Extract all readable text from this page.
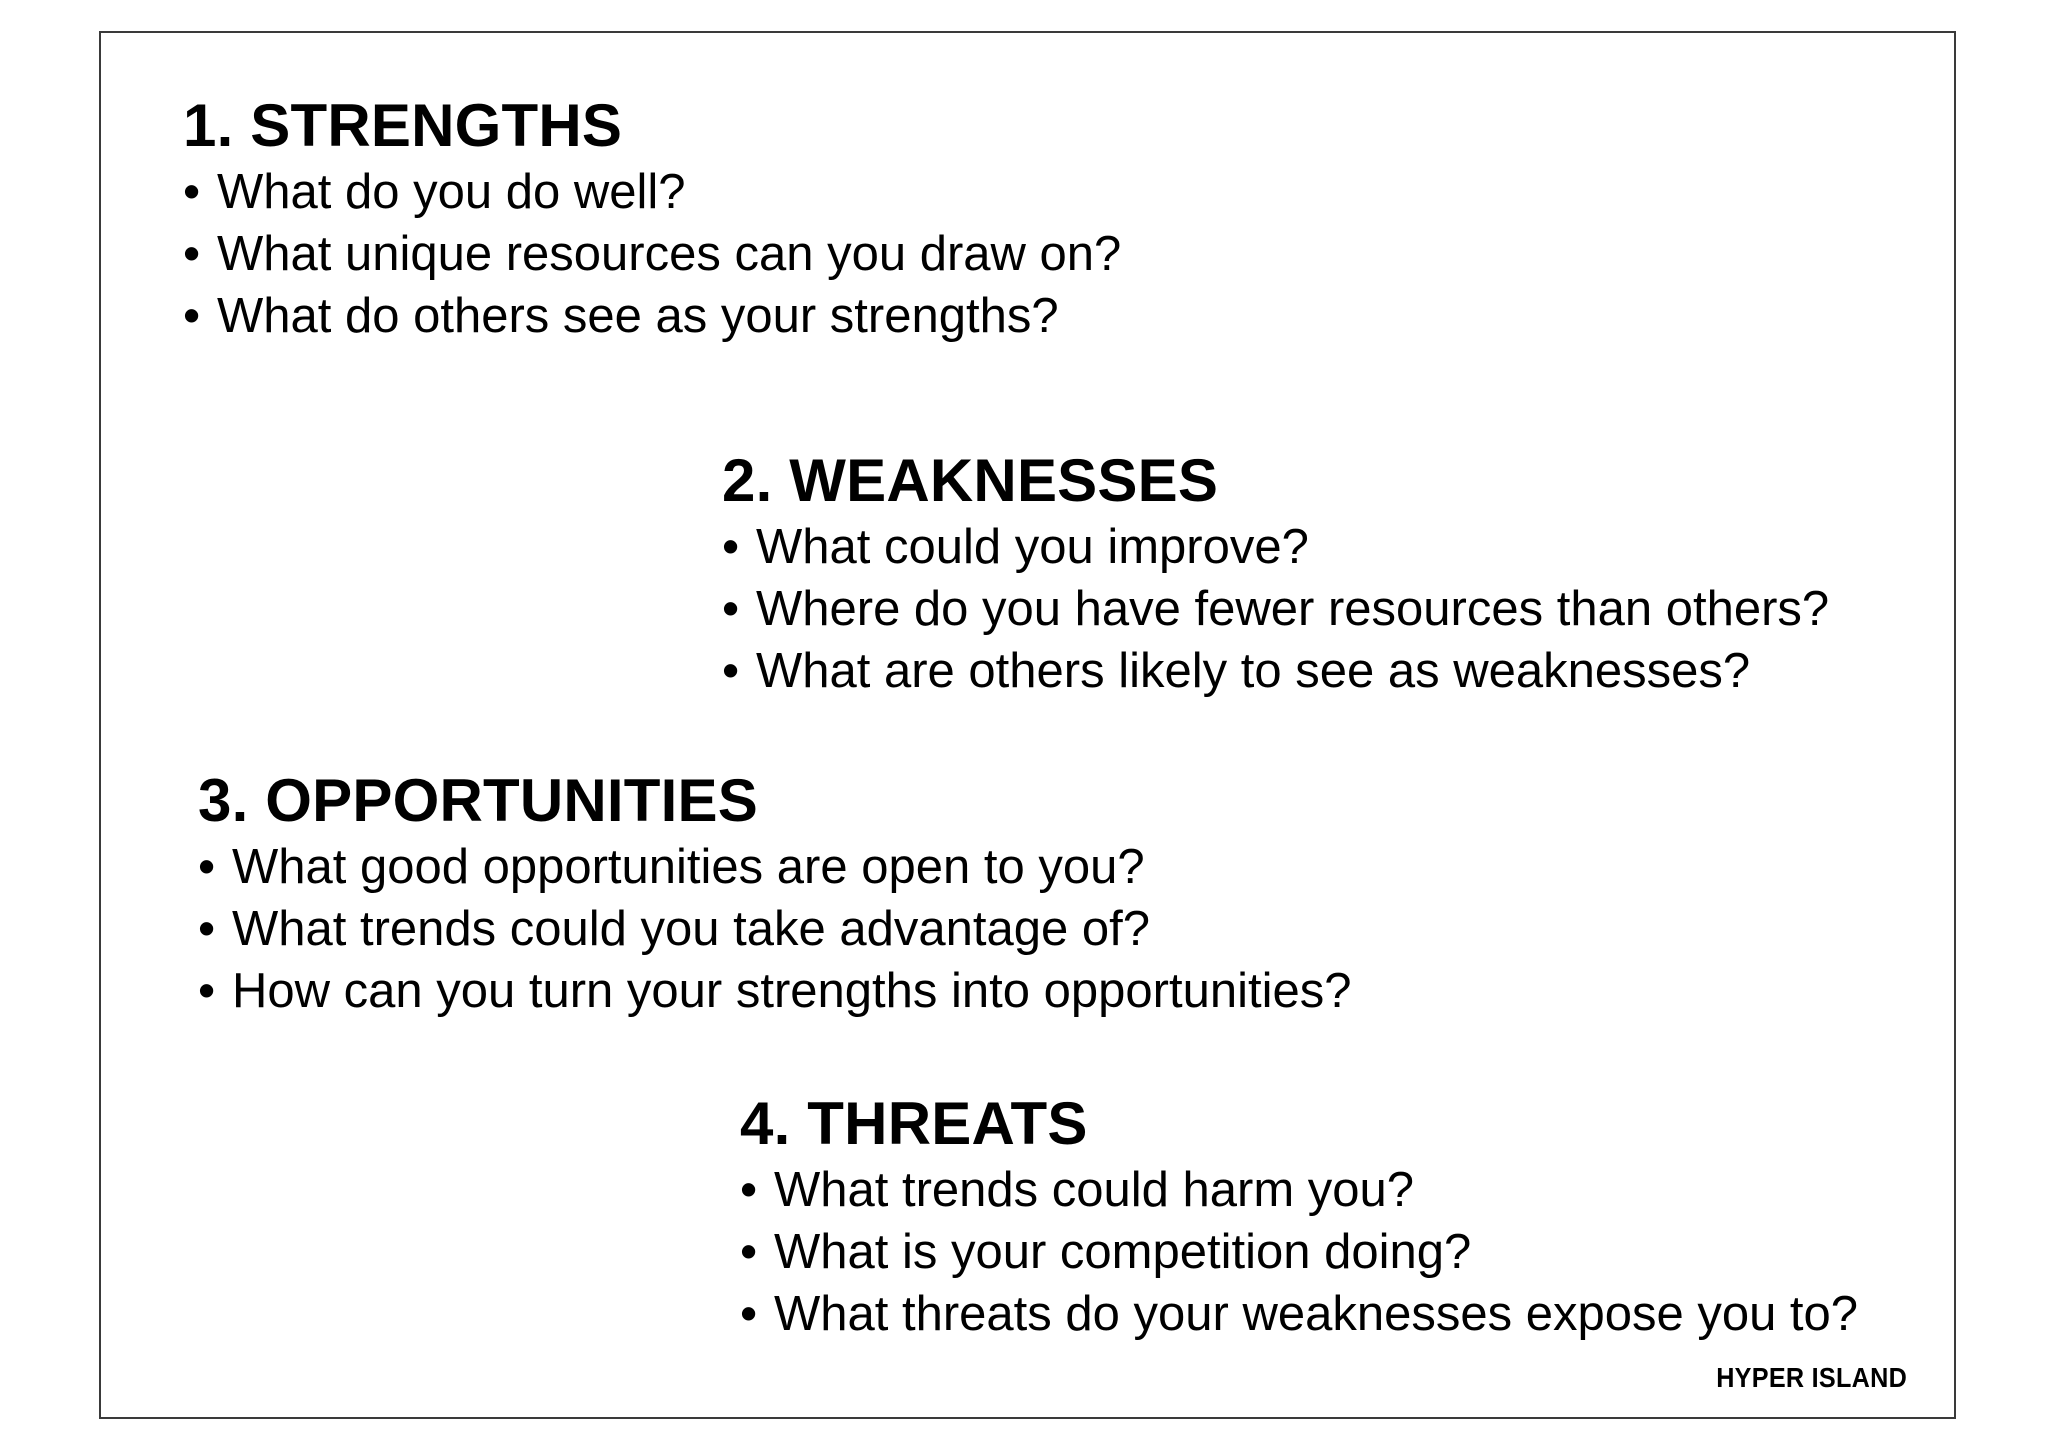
1. STRENGTHS
• What do you do well?
• What unique resources can you draw on?
• What do others see as your strengths?
2. WEAKNESSES
• What could you improve?
• Where do you have fewer resources than others?
• What are others likely to see as weaknesses?
3. OPPORTUNITIES
• What good opportunities are open to you?
• What trends could you take advantage of?
• How can you turn your strengths into opportunities?
4. THREATS
• What trends could harm you?
• What is your competition doing?
• What threats do your weaknesses expose you to?
HYPER ISLAND
